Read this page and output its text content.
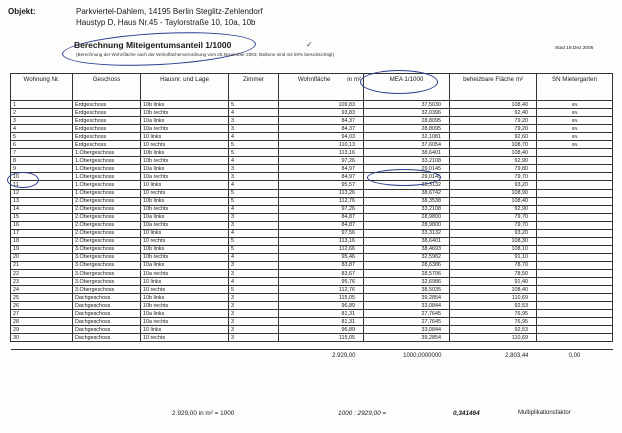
Objekt:	Parkviertel-Dahlem, 14195 Berlin Steglitz-Zehlendorf
Haustyp D, Haus Nr.45 - Taylorstraße 10, 10a, 10b
Berechnung Miteigentumsanteil 1/1000
(Berechnung der Wohnfläche nach der Wohnflächenverordnung vom 25.November 2003; Balkone sind mit 50% berücksichtigt)
✓	Stad 19.Dez.2005
Wohnung Nr.	Geschoss	Hausnr. und Lage	Zimmer	Wohnfläche in m²	MEA 1/1000	beheizbare Fläche m²	SN Mietergarten
1	Erdgeschoss	10b links	5	109,83	37,5030	108,40	SN
2	Erdgeschoss	10b rechts	4	93,83	32,0396	92,40	SN
3	Erdgeschoss	10a links	3	84,37	28,8095	79,20	SN
4	Erdgeschoss	10a rechts	3	84,37	28,8095	79,20	SN
5	Erdgeschoss	10 links	4	94,03	32,1081	92,60	SN
6	Erdgeschoss	10 rechts	5	110,13	37,6054	108,70	SN
7	1.Obergeschoss	10b links	5	113,16	38,6401	108,40	
8	1.Obergeschoss	10b rechts	4	97,26	33,2108	92,90	
9	1.Obergeschoss	10a links	3	84,97	29,0145	79,80	
10	1.Obergeschoss	10a rechts	3	84,97	29,0145	79,70	
11	1.Obergeschoss	10 links	4	95,57	33,3132	93,20	
12	1.Obergeschoss	10 rechts	5	113,26	38,6742	108,90	
13	2.Obergeschoss	10b links	5	112,76	38,3538	108,40	
14	2.Obergeschoss	10b rechts	4	97,26	33,2108	92,90	
15	2.Obergeschoss	10a links	3	84,87	28,9800	79,70	
16	2.Obergeschoss	10a rechts	3	84,87	28,9800	79,70	
17	2.Obergeschoss	10 links	4	97,56	33,3132	93,20	
18	2.Obergeschoss	10 rechts	5	113,16	38,6401	108,30	
19	3.Obergeschoss	10b links	5	112,66	38,4693	108,10	
20	3.Obergeschoss	10b rechts	4	95,46	32,5962	91,10	
21	3.Obergeschoss	10a links	3	83,87	28,6386	78,70	
22	3.Obergeschoss	10a rechts	3	83,67	28,5706	78,50	
23	3.Obergeschoss	10 links	4	95,76	32,6986	91,40	
24	3.Obergeschoss	10 rechts	5	112,76	38,5035	108,40	
25	Dachgeschoss	10b links	3	115,05	39,2854	110,69	
26	Dachgeschoss	10b rechts	3	96,89	33,0844	92,53	
27	Dachgeschoss	10a links	3	81,31	27,7645	76,95	
28	Dachgeschoss	10a rechts	3	81,31	27,7645	76,95	
29	Dachgeschoss	10 links	3	96,89	33,0844	92,53	
30	Dachgeschoss	10 rechts	3	115,05	39,2854	110,69	

				2.929,00	1000,0000000	2.803,44	0,00
2.929,00 in m² = 1000	1000 : 2929,00 =	0,341464	Multiplikationsfaktor
